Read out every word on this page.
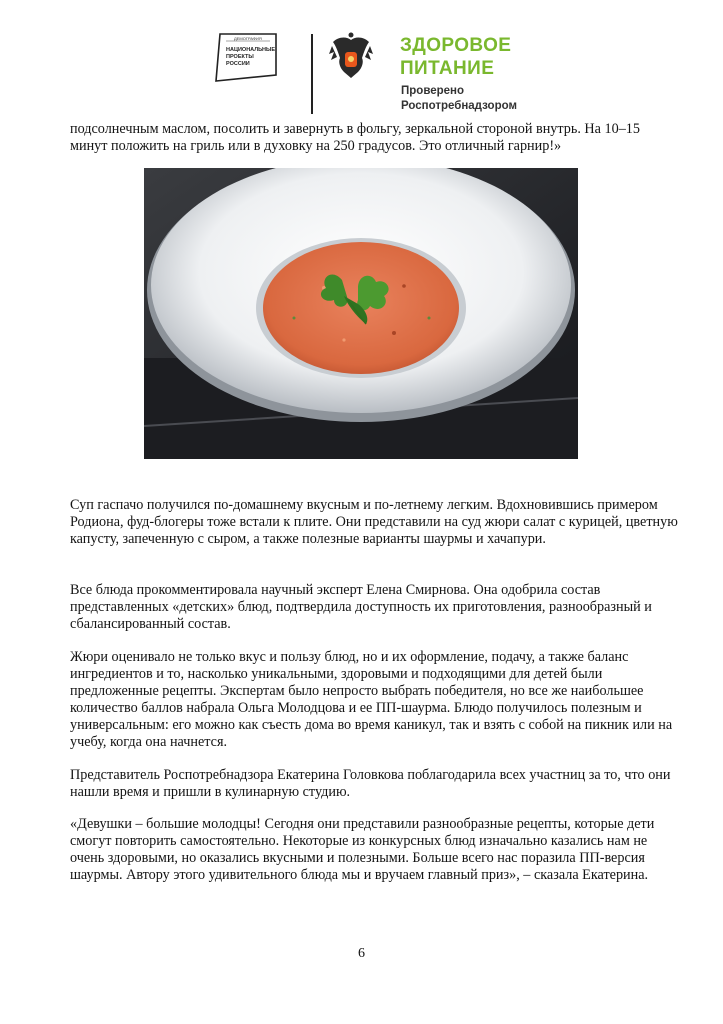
ДЕМОГРАФИЯ
НАЦИОНАЛЬНЫЕ
ПРОЕКТЫ
РОССИИ
ЗДОРОВОЕ
ПИТАНИЕ
Проверено
Роспотребнадзором

подсолнечным маслом, посолить и завернуть в фольгу, зеркальной стороной внутрь. На 10–15 минут положить на гриль или в духовку на 250 градусов. Это отличный гарнир!»

Суп гаспачо получился по-домашнему вкусным и по-летнему легким. Вдохновившись примером Родиона, фуд-блогеры тоже встали к плите. Они представили на суд жюри салат с курицей, цветную капусту, запеченную с сыром, а также полезные варианты шаурмы и хачапури.

Все блюда прокомментировала научный эксперт Елена Смирнова. Она одобрила состав представленных «детских» блюд, подтвердила доступность их приготовления, разнообразный и сбалансированный состав.

Жюри оценивало не только вкус и пользу блюд, но и их оформление, подачу, а также баланс ингредиентов и то, насколько уникальными, здоровыми и подходящими для детей были предложенные рецепты. Экспертам было непросто выбрать победителя, но все же наибольшее количество баллов набрала Ольга Молодцова и ее ПП-шаурма. Блюдо получилось полезным и универсальным: его можно как съесть дома во время каникул, так и взять с собой на пикник или на учебу, когда она начнется.

Представитель Роспотребнадзора Екатерина Головкова поблагодарила всех участниц за то, что они нашли время и пришли в кулинарную студию.

«Девушки – большие молодцы! Сегодня они представили разнообразные рецепты, которые дети смогут повторить самостоятельно. Некоторые из конкурсных блюд изначально казались нам не очень здоровыми, но оказались вкусными и полезными. Больше всего нас поразила ПП-версия шаурмы. Автору этого удивительного блюда мы и вручаем главный приз», – сказала Екатерина.

6
